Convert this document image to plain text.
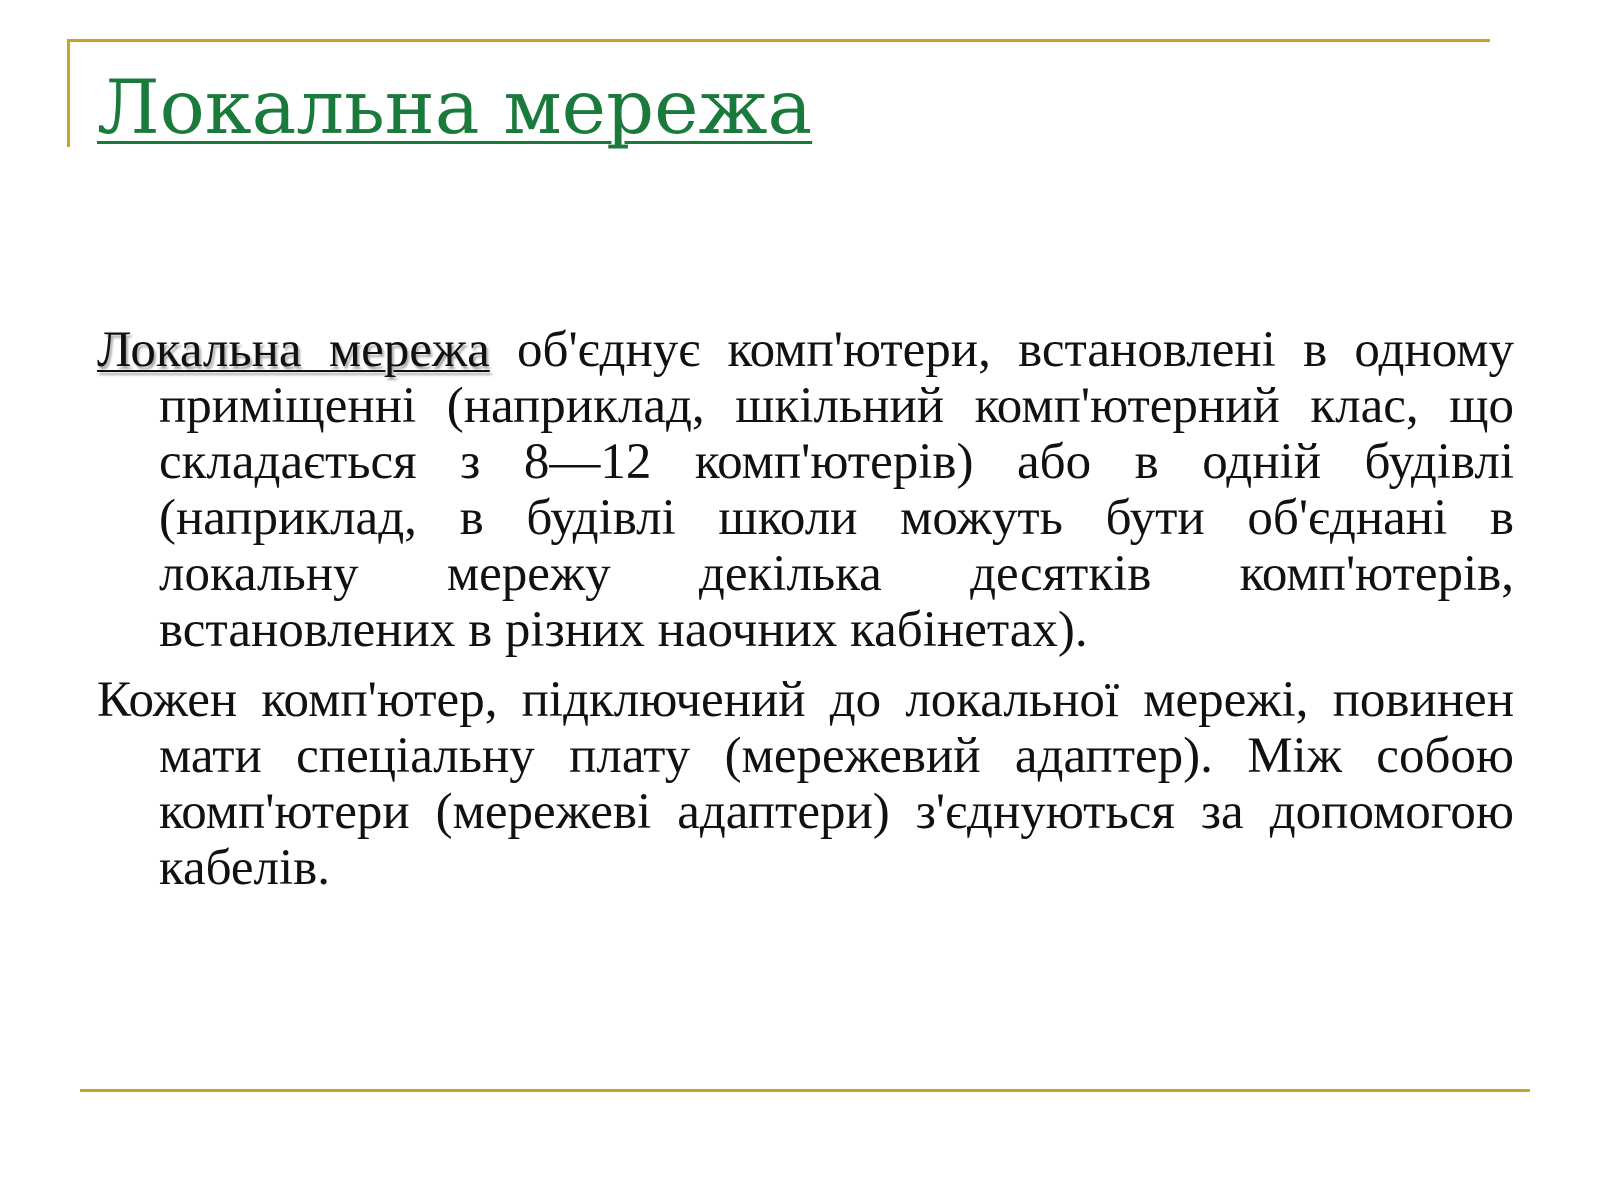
Локальна мережа

Локальна мережа об'єднує комп'ютери, встановлені в одному приміщенні (наприклад, шкільний комп'ютерний клас, що складається з 8—12 комп'ютерів) або в одній будівлі (наприклад, в будівлі школи можуть бути об'єднані в локальну мережу декілька десятків комп'ютерів, встановлених в різних наочних кабінетах).

Кожен комп'ютер, підключений до локальної мережі, повинен мати спеціальну плату (мережевий адаптер). Між собою комп'ютери (мережеві адаптери) з'єднуються за допомогою кабелів.
